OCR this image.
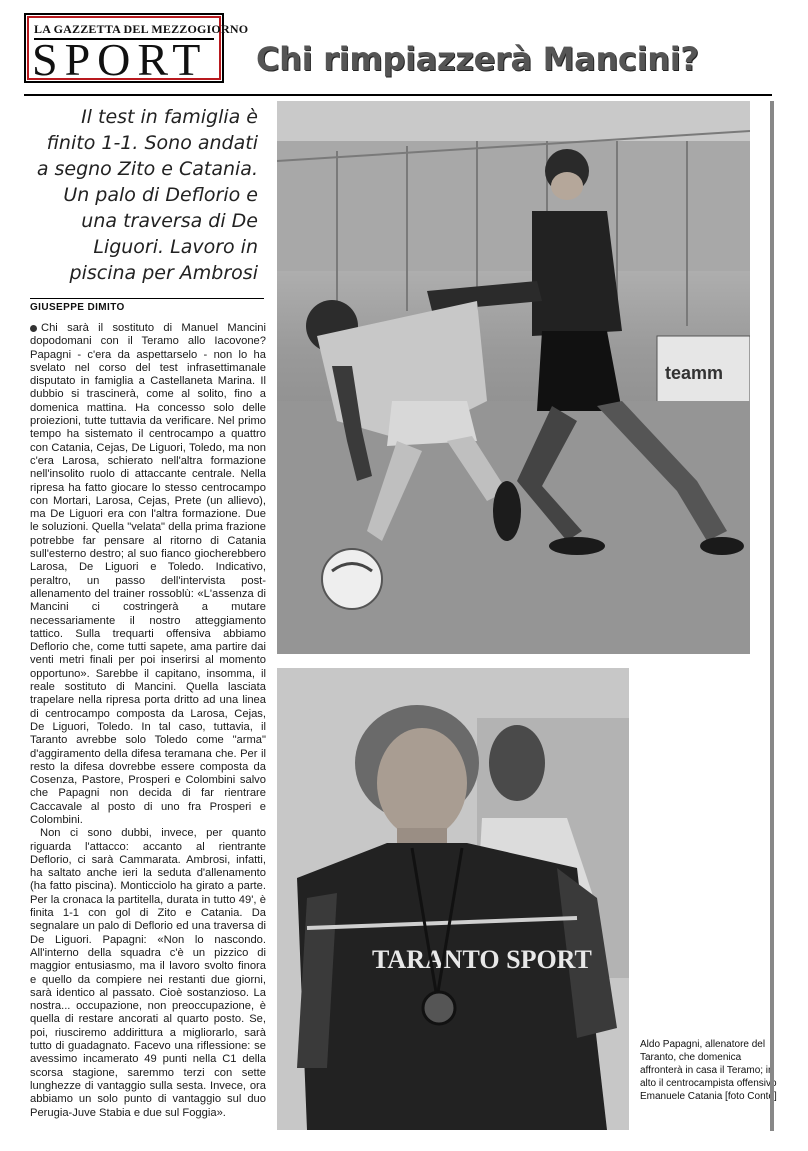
LA GAZZETTA DEL MEZZOGIORNO
SPORT Chi rimpiazzerà Mancini?
Il test in famiglia è finito 1-1. Sono andati a segno Zito e Catania. Un palo di Deflorio e una traversa di De Liguori. Lavoro in piscina per Ambrosi
GIUSEPPE DIMITO

Chi sarà il sostituto di Manuel Mancini dopodomani con il Teramo allo Iacovone? Papagni - c'era da aspettarselo - non lo ha svelato nel corso del test infrasettimanale disputato in famiglia a Castellaneta Marina. Il dubbio si trascinerà, come al solito, fino a domenica mattina. Ha concesso solo delle proiezioni, tutte tuttavia da verificare. Nel primo tempo ha sistemato il centrocampo a quattro con Catania, Cejas, De Liguori, Toledo, ma non c'era Larosa, schierato nell'altra formazione nell'insolito ruolo di attaccante centrale. Nella ripresa ha fatto giocare lo stesso centrocampo con Mortari, Larosa, Cejas, Prete (un allievo), ma De Liguori era con l'altra formazione. Due le soluzioni. Quella "velata" della prima frazione potrebbe far pensare al ritorno di Catania sull'esterno destro; al suo fianco giocherebbero Larosa, De Liguori e Toledo. Indicativo, peraltro, un passo dell'intervista post-allenamento del trainer rossoblù: «L'assenza di Mancini ci costringerà a mutare necessariamente il nostro atteggiamento tattico. Sulla trequarti offensiva abbiamo Deflorio che, come tutti sapete, ama partire dai venti metri finali per poi inserirsi al momento opportuno». Sarebbe il capitano, insomma, il reale sostituto di Mancini. Quella lasciata trapelare nella ripresa porta dritto ad una linea di centrocampo composta da Larosa, Cejas, De Liguori, Toledo. In tal caso, tuttavia, il Taranto avrebbe solo Toledo come "arma" d'aggiramento della difesa teramana che. Per il resto la difesa dovrebbe essere composta da Cosenza, Pastore, Prosperi e Colombini salvo che Papagni non decida di far rientrare Caccavale al posto di uno fra Prosperi e Colombini.

Non ci sono dubbi, invece, per quanto riguarda l'attacco: accanto al rientrante Deflorio, ci sarà Cammarata. Ambrosi, infatti, ha saltato anche ieri la seduta d'allenamento (ha fatto piscina). Monticciolo ha girato a parte. Per la cronaca la partitella, durata in tutto 49', è finita 1-1 con gol di Zito e Catania. Da segnalare un palo di Deflorio ed una traversa di De Liguori. Papagni: «Non lo nascondo. All'interno della squadra c'è un pizzico di maggior entusiasmo, ma il lavoro svolto finora e quello da compiere nei restanti due giorni, sarà identico al passato. Cioè sostanzioso. La nostra... occupazione, non preoccupazione, è quella di restare ancorati al quarto posto. Se, poi, riusciremo addirittura a migliorarlo, sarà tutto di guadagnato. Facevo una riflessione: se avessimo incamerato 49 punti nella C1 della scorsa stagione, saremmo terzi con sette lunghezze di vantaggio sulla sesta. Invece, ora abbiamo un solo punto di vantaggio sul duo Perugia-Juve Stabia e due sul Foggia».

teamm
TARANTO SPORT
Aldo Papagni, allenatore del Taranto, che domenica affronterà in casa il Teramo; in alto il centrocampista offensivo Emanuele Catania [foto Conte]
